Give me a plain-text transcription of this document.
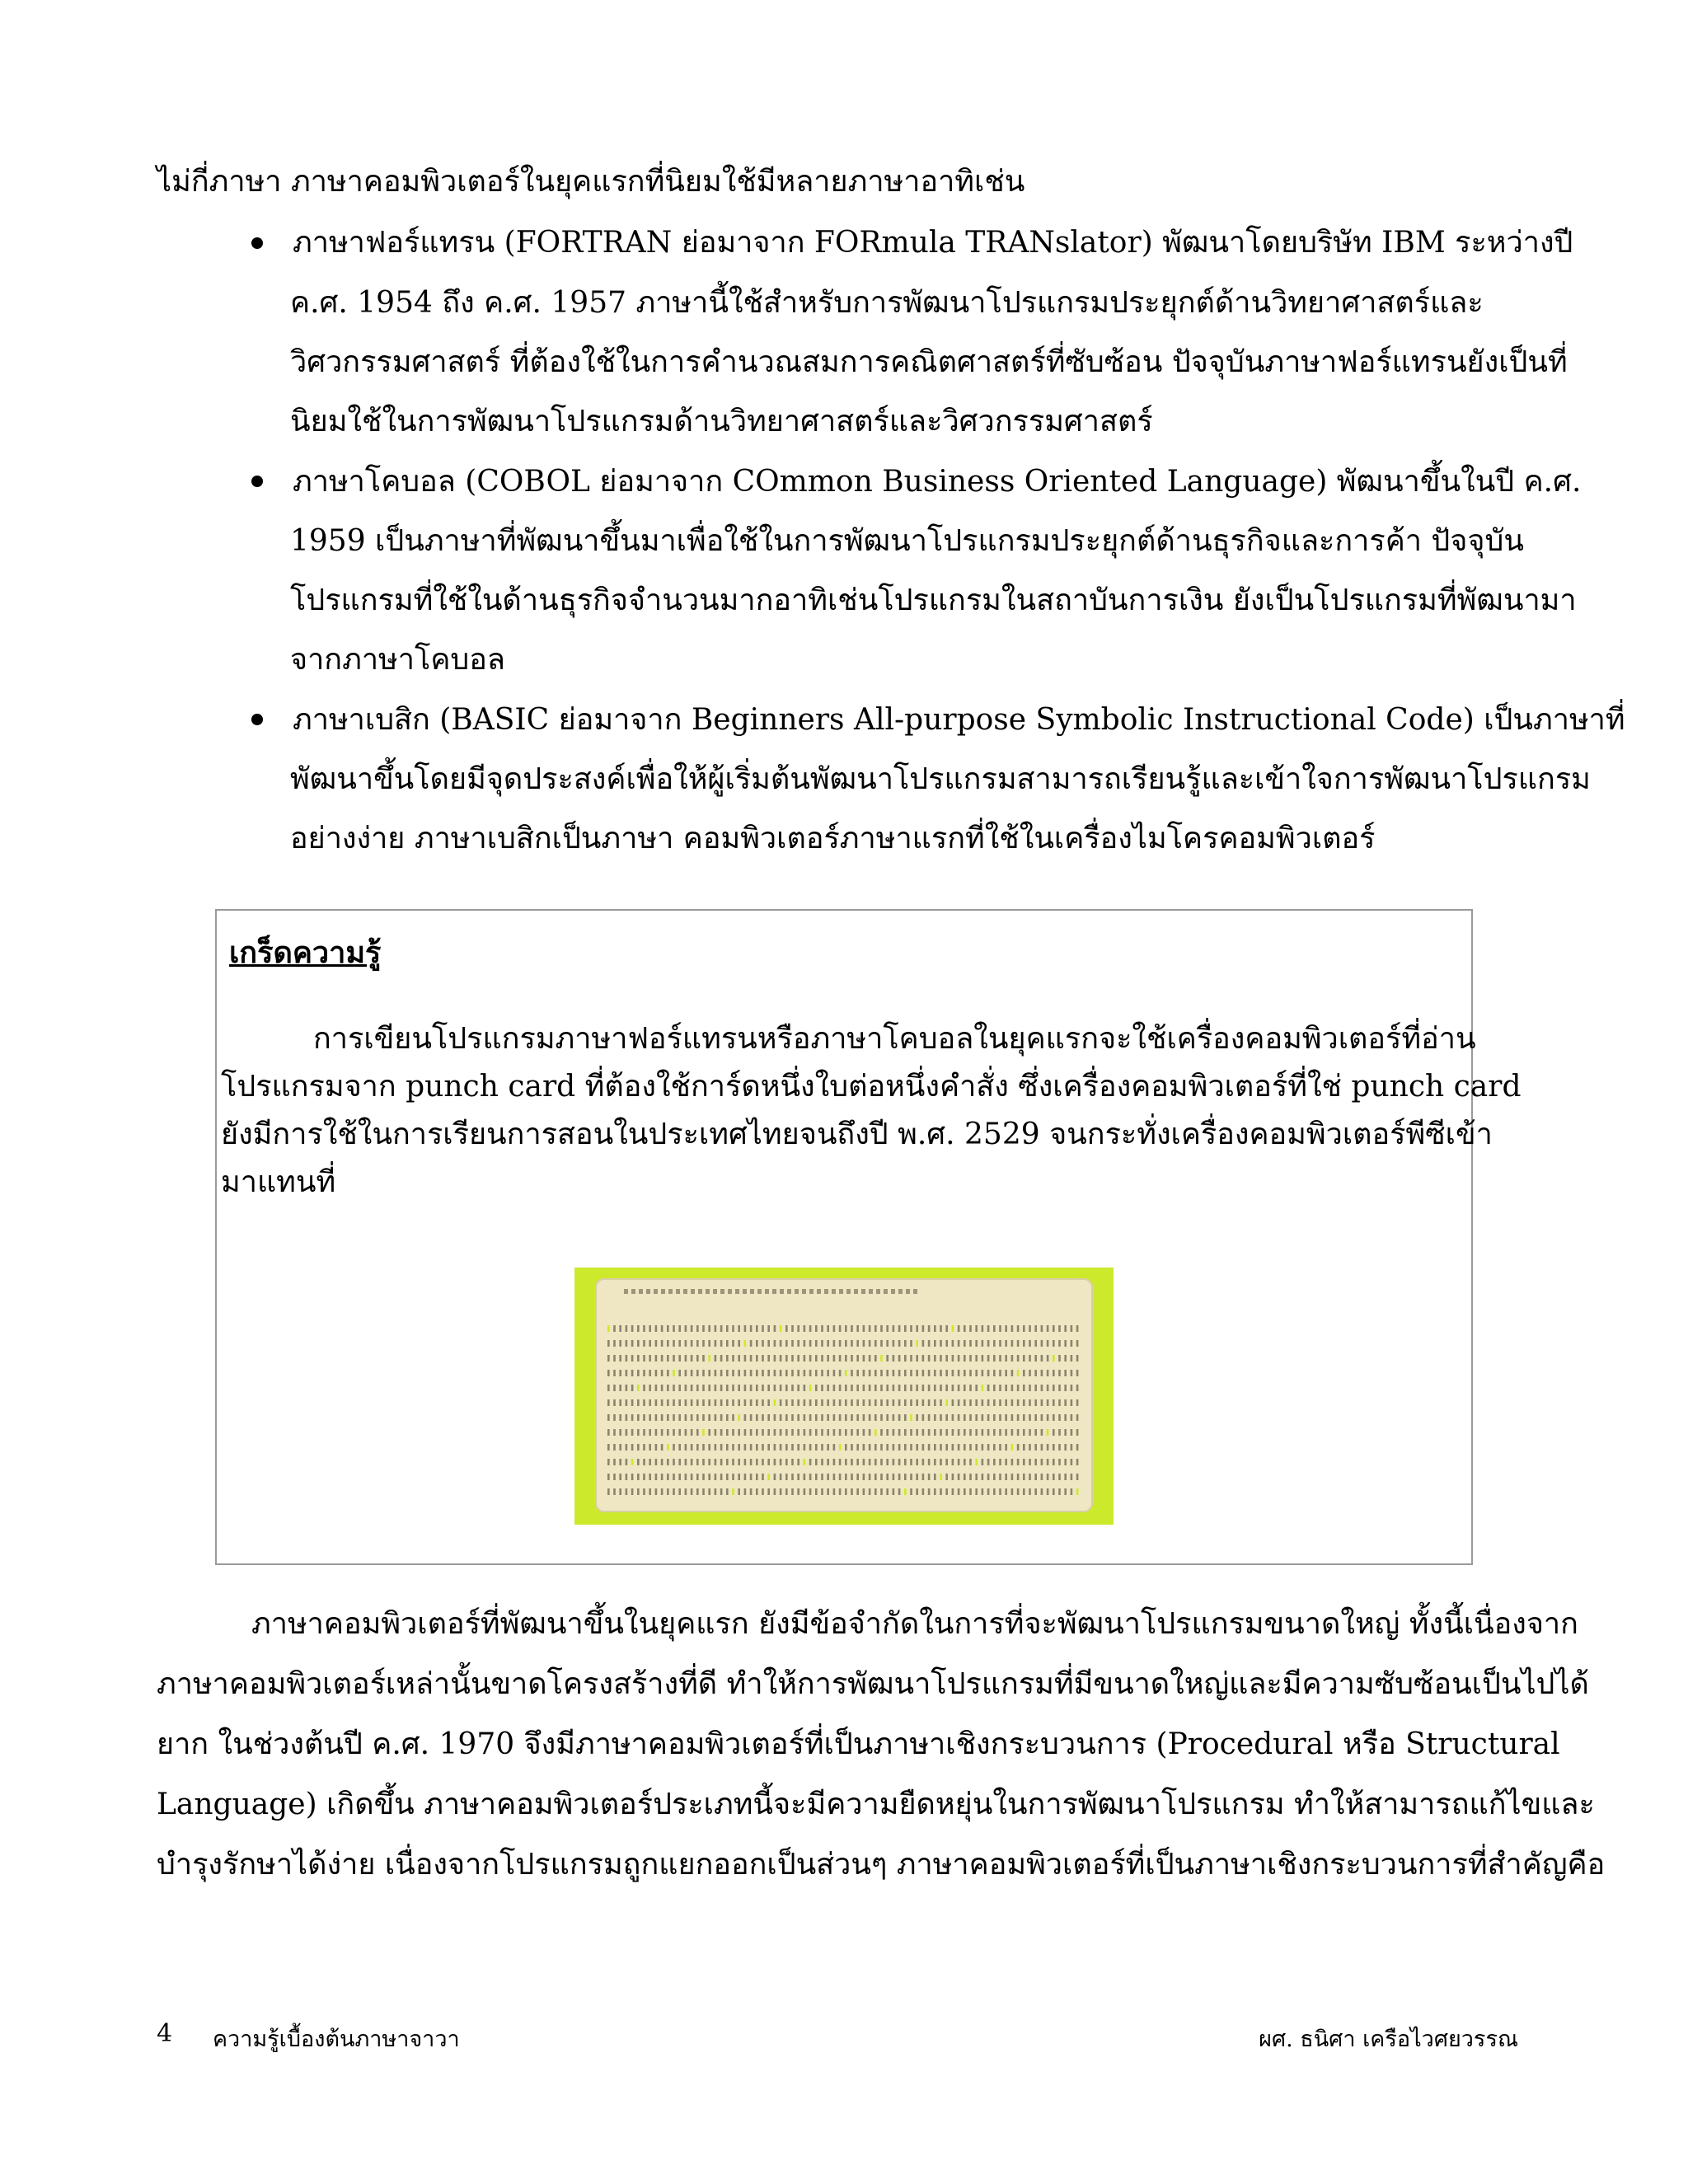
ไม่กี่ภาษา ภาษาคอมพิวเตอร์ในยุคแรกที่นิยมใช้มีหลายภาษาอาทิเช่น
ภาษาฟอร์แทรน (FORTRAN ย่อมาจาก FORmula TRANslator) พัฒนาโดยบริษัท IBM ระหว่างปี
ค.ศ. 1954 ถึง ค.ศ. 1957 ภาษานี้ใช้สำหรับการพัฒนาโปรแกรมประยุกต์ด้านวิทยาศาสตร์และ
วิศวกรรมศาสตร์ ที่ต้องใช้ในการคำนวณสมการคณิตศาสตร์ที่ซับซ้อน ปัจจุบันภาษาฟอร์แทรนยังเป็นที่
นิยมใช้ในการพัฒนาโปรแกรมด้านวิทยาศาสตร์และวิศวกรรมศาสตร์
ภาษาโคบอล (COBOL ย่อมาจาก COmmon Business Oriented Language) พัฒนาขึ้นในปี ค.ศ.
1959 เป็นภาษาที่พัฒนาขึ้นมาเพื่อใช้ในการพัฒนาโปรแกรมประยุกต์ด้านธุรกิจและการค้า ปัจจุบัน
โปรแกรมที่ใช้ในด้านธุรกิจจำนวนมากอาทิเช่นโปรแกรมในสถาบันการเงิน ยังเป็นโปรแกรมที่พัฒนามา
จากภาษาโคบอล
ภาษาเบสิก (BASIC ย่อมาจาก Beginners All-purpose Symbolic Instructional Code) เป็นภาษาที่
พัฒนาขึ้นโดยมีจุดประสงค์เพื่อให้ผู้เริ่มต้นพัฒนาโปรแกรมสามารถเรียนรู้และเข้าใจการพัฒนาโปรแกรม
อย่างง่าย ภาษาเบสิกเป็นภาษา คอมพิวเตอร์ภาษาแรกที่ใช้ในเครื่องไมโครคอมพิวเตอร์
เกร็ดความรู้
การเขียนโปรแกรมภาษาฟอร์แทรนหรือภาษาโคบอลในยุคแรกจะใช้เครื่องคอมพิวเตอร์ที่อ่าน
โปรแกรมจาก punch card ที่ต้องใช้การ์ดหนึ่งใบต่อหนึ่งคำสั่ง ซึ่งเครื่องคอมพิวเตอร์ที่ใช่ punch card
ยังมีการใช้ในการเรียนการสอนในประเทศไทยจนถึงปี พ.ศ. 2529 จนกระทั่งเครื่องคอมพิวเตอร์พีซีเข้า
มาแทนที่
ภาษาคอมพิวเตอร์ที่พัฒนาขึ้นในยุคแรก ยังมีข้อจำกัดในการที่จะพัฒนาโปรแกรมขนาดใหญ่ ทั้งนี้เนื่องจาก
ภาษาคอมพิวเตอร์เหล่านั้นขาดโครงสร้างที่ดี ทำให้การพัฒนาโปรแกรมที่มีขนาดใหญ่และมีความซับซ้อนเป็นไปได้
ยาก ในช่วงต้นปี ค.ศ. 1970 จึงมีภาษาคอมพิวเตอร์ที่เป็นภาษาเชิงกระบวนการ (Procedural หรือ Structural
Language) เกิดขึ้น ภาษาคอมพิวเตอร์ประเภทนี้จะมีความยืดหยุ่นในการพัฒนาโปรแกรม ทำให้สามารถแก้ไขและ
บำรุงรักษาได้ง่าย เนื่องจากโปรแกรมถูกแยกออกเป็นส่วนๆ ภาษาคอมพิวเตอร์ที่เป็นภาษาเชิงกระบวนการที่สำคัญคือ
4 ความรู้เบื้องต้นภาษาจาวา	ผศ. ธนิศา เครือไวศยวรรณ
